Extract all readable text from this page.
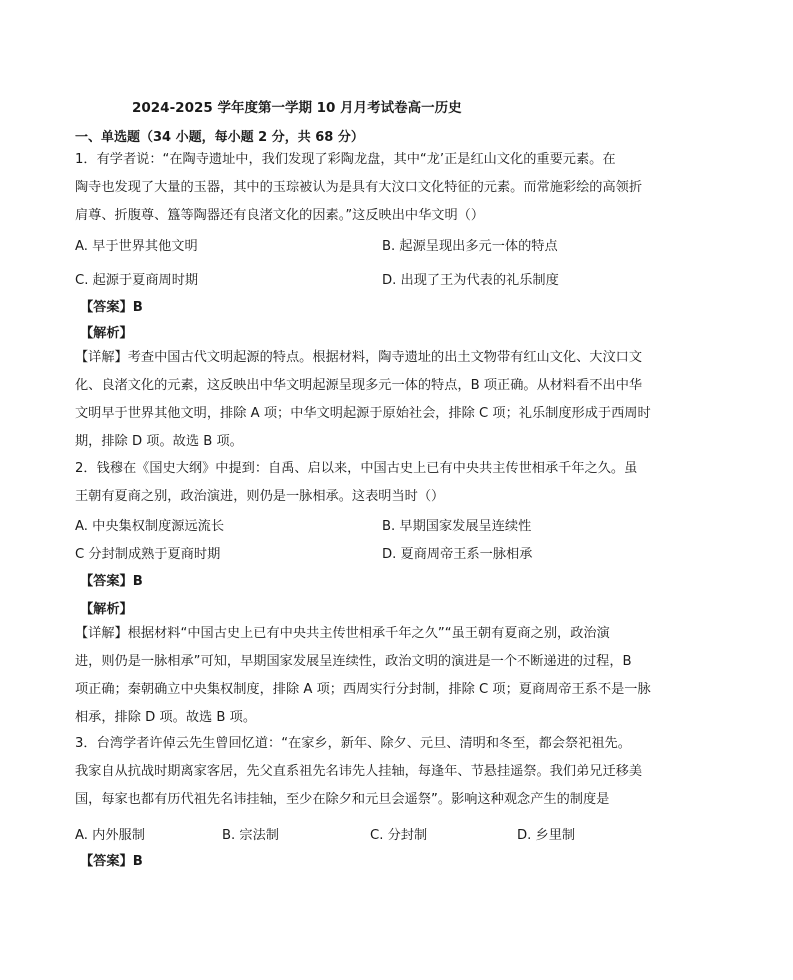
2024-2025 学年度第一学期 10 月月考试卷高一历史
一、单选题（34 小题，每小题 2 分，共 68 分）
1．有学者说：“在陶寺遗址中，我们发现了彩陶龙盘，其中“龙’正是红山文化的重要元素。在
陶寺也发现了大量的玉器，其中的玉琮被认为是具有大汶口文化特征的元素。而常施彩绘的高领折
肩尊、折腹尊、簋等陶器还有良渚文化的因素。”这反映出中华文明（）
A. 早于世界其他文明	B. 起源呈现出多元一体的特点
C. 起源于夏商周时期	D. 出现了王为代表的礼乐制度
【答案】B
【解析】
【详解】考查中国古代文明起源的特点。根据材料，陶寺遗址的出土文物带有红山文化、大汶口文
化、良渚文化的元素，这反映出中华文明起源呈现多元一体的特点，B 项正确。从材料看不出中华
文明早于世界其他文明，排除 A 项；中华文明起源于原始社会，排除 C 项；礼乐制度形成于西周时
期，排除 D 项。故选 B 项。
2．钱穆在《国史大纲》中提到：自禹、启以来，中国古史上已有中央共主传世相承千年之久。虽
王朝有夏商之别，政治演进，则仍是一脉相承。这表明当时（）
A. 中央集权制度源远流长	B. 早期国家发展呈连续性
C 分封制成熟于夏商时期	D. 夏商周帝王系一脉相承
【答案】B
【解析】
【详解】根据材料“中国古史上已有中央共主传世相承千年之久”“虽王朝有夏商之别，政治演
进，则仍是一脉相承”可知，早期国家发展呈连续性，政治文明的演进是一个不断递进的过程，B
项正确；秦朝确立中央集权制度，排除 A 项；西周实行分封制，排除 C 项；夏商周帝王系不是一脉
相承，排除 D 项。故选 B 项。
3．台湾学者许倬云先生曾回忆道：“在家乡，新年、除夕、元旦、清明和冬至，都会祭祀祖先。
我家自从抗战时期离家客居，先父直系祖先名讳先人挂轴，每逢年、节悬挂遥祭。我们弟兄迁移美
国，每家也都有历代祖先名讳挂轴，至少在除夕和元旦会遥祭”。影响这种观念产生的制度是
A. 内外服制	B. 宗法制	C. 分封制	D. 乡里制
【答案】B
